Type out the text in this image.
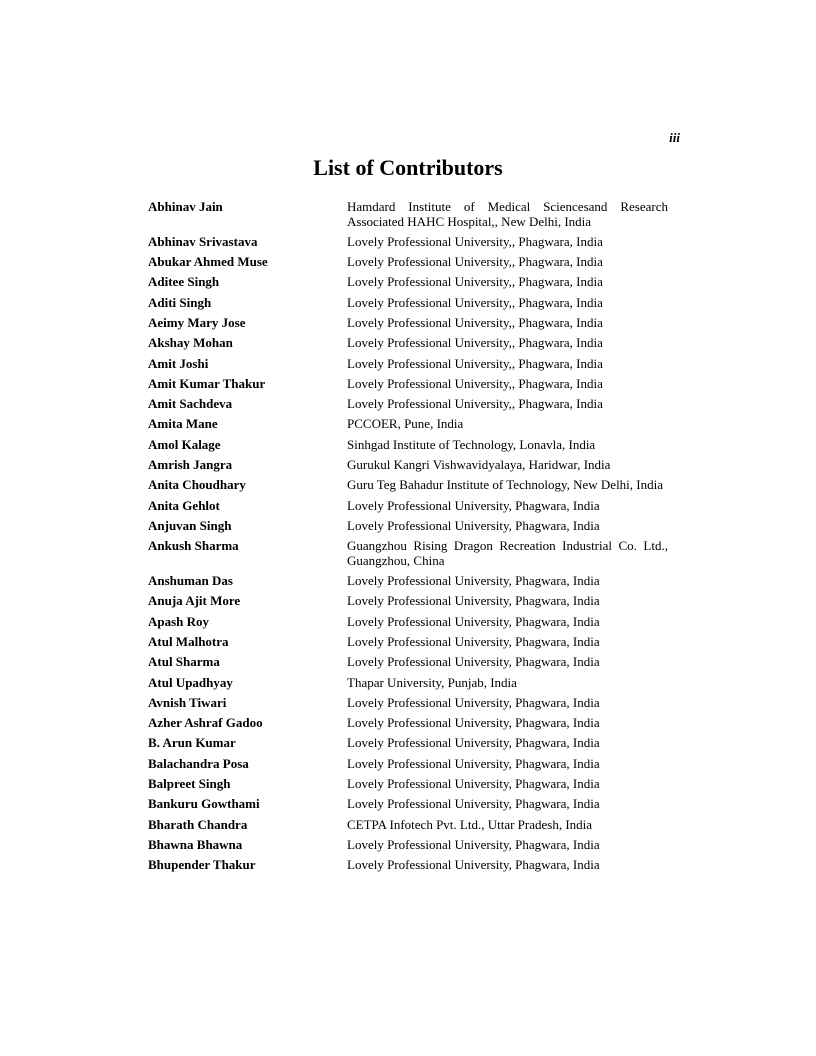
iii
List of Contributors
Abhinav Jain	Hamdard Institute of Medical Sciencesand Research Associated HAHC Hospital,, New Delhi, India
Abhinav Srivastava	Lovely Professional University,, Phagwara, India
Abukar Ahmed Muse	Lovely Professional University,, Phagwara, India
Aditee Singh	Lovely Professional University,, Phagwara, India
Aditi Singh	Lovely Professional University,, Phagwara, India
Aeimy Mary Jose	Lovely Professional University,, Phagwara, India
Akshay Mohan	Lovely Professional University,, Phagwara, India
Amit Joshi	Lovely Professional University,, Phagwara, India
Amit Kumar Thakur	Lovely Professional University,, Phagwara, India
Amit Sachdeva	Lovely Professional University,, Phagwara, India
Amita Mane	PCCOER, Pune, India
Amol Kalage	Sinhgad Institute of Technology, Lonavla, India
Amrish Jangra	Gurukul Kangri Vishwavidyalaya, Haridwar, India
Anita Choudhary	Guru Teg Bahadur Institute of Technology, New Delhi, India
Anita Gehlot	Lovely Professional University, Phagwara, India
Anjuvan Singh	Lovely Professional University, Phagwara, India
Ankush Sharma	Guangzhou Rising Dragon Recreation Industrial Co. Ltd., Guangzhou, China
Anshuman Das	Lovely Professional University, Phagwara, India
Anuja Ajit More	Lovely Professional University, Phagwara, India
Apash Roy	Lovely Professional University, Phagwara, India
Atul Malhotra	Lovely Professional University, Phagwara, India
Atul Sharma	Lovely Professional University, Phagwara, India
Atul Upadhyay	Thapar University, Punjab, India
Avnish Tiwari	Lovely Professional University, Phagwara, India
Azher Ashraf Gadoo	Lovely Professional University, Phagwara, India
B. Arun Kumar	Lovely Professional University, Phagwara, India
Balachandra Posa	Lovely Professional University, Phagwara, India
Balpreet Singh	Lovely Professional University, Phagwara, India
Bankuru Gowthami	Lovely Professional University, Phagwara, India
Bharath Chandra	CETPA Infotech Pvt. Ltd., Uttar Pradesh, India
Bhawna Bhawna	Lovely Professional University, Phagwara, India
Bhupender Thakur	Lovely Professional University, Phagwara, India
